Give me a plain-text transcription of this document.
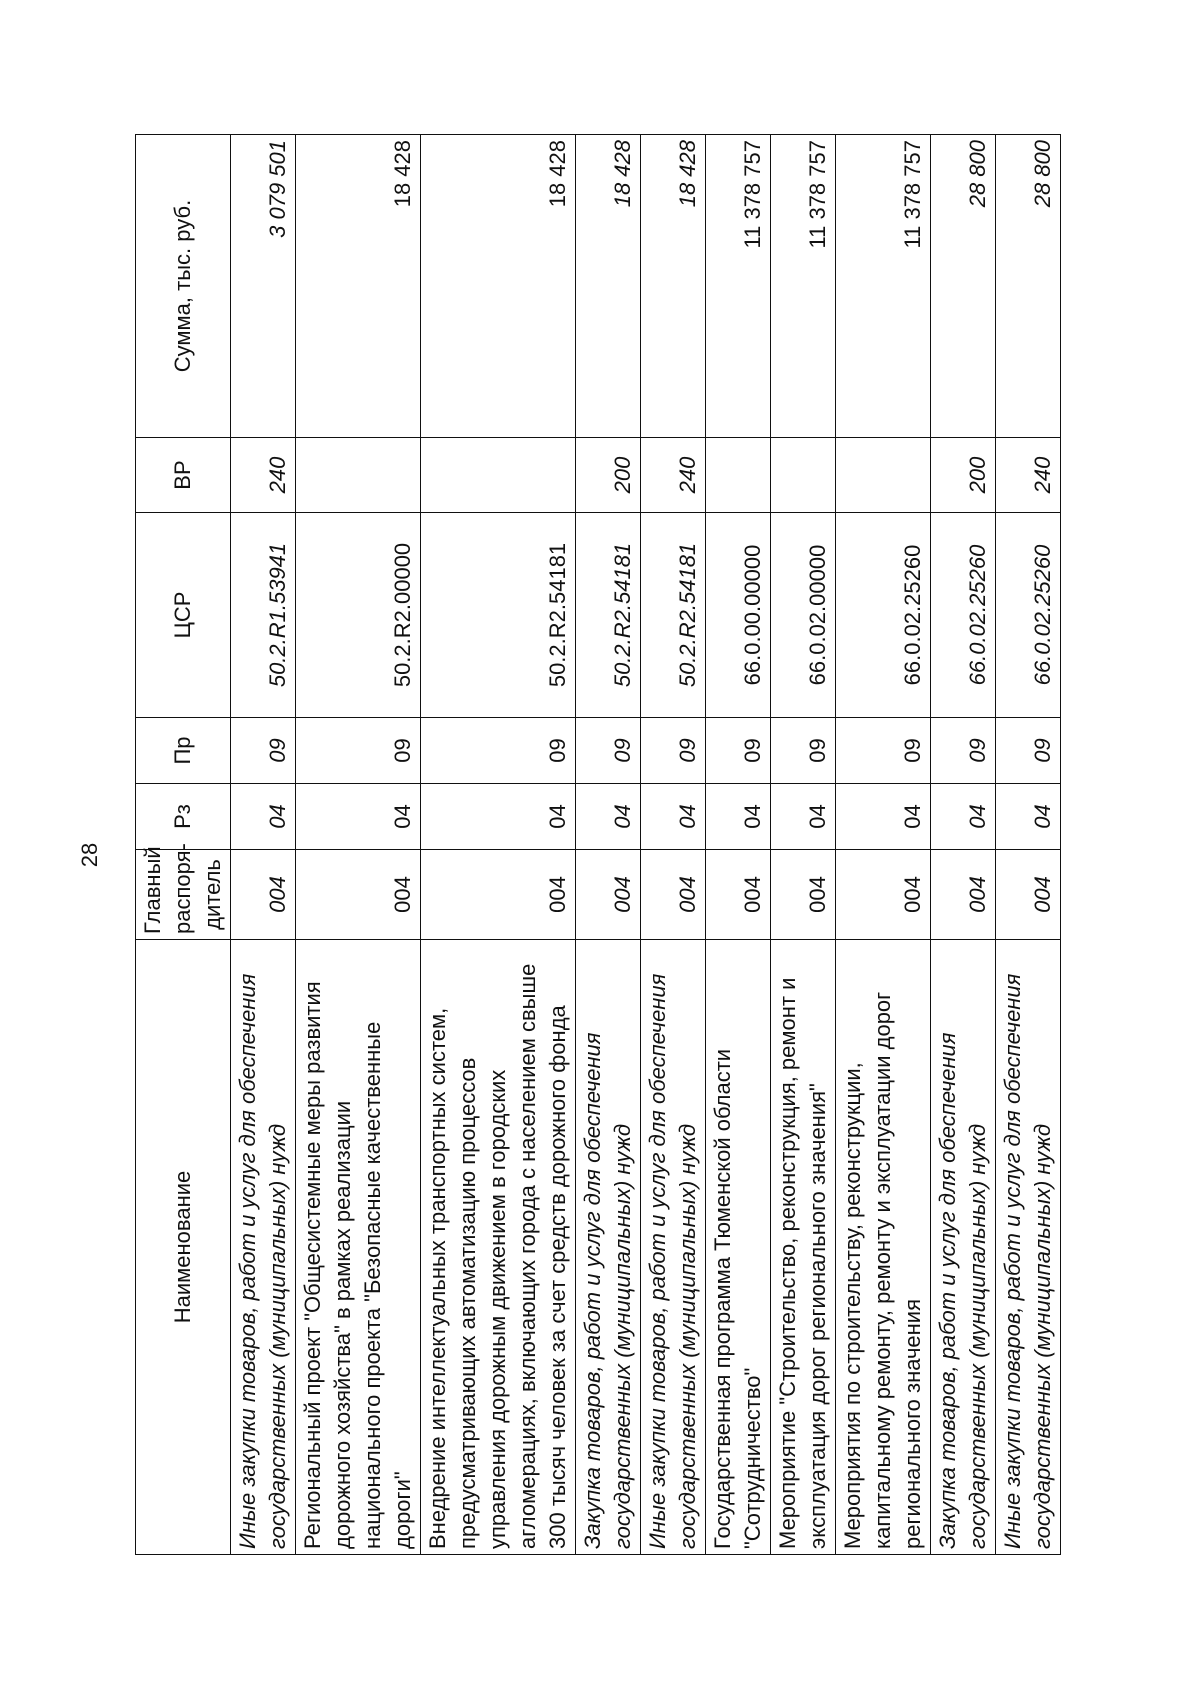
28
Наименование	Главный распоря-дитель	Рз	Пр	ЦСР	ВР	Сумма, тыс. руб.
Иные закупки товаров, работ и услуг для обеспечения государственных (муниципальных) нужд	004	04	09	50.2.R1.53941	240	3 079 501
Региональный проект "Общесистемные меры развития дорожного хозяйства" в рамках реализации национального проекта "Безопасные качественные дороги"	004	04	09	50.2.R2.00000		18 428
Внедрение интеллектуальных транспортных систем, предусматривающих автоматизацию процессов управления дорожным движением в городских агломерациях, включающих города с населением свыше 300 тысяч человек за счет средств дорожного фонда	004	04	09	50.2.R2.54181		18 428
Закупка товаров, работ и услуг для обеспечения государственных (муниципальных) нужд	004	04	09	50.2.R2.54181	200	18 428
Иные закупки товаров, работ и услуг для обеспечения государственных (муниципальных) нужд	004	04	09	50.2.R2.54181	240	18 428
Государственная программа Тюменской области "Сотрудничество"	004	04	09	66.0.00.00000		11 378 757
Мероприятие "Строительство, реконструкция, ремонт и эксплуатация дорог регионального значения"	004	04	09	66.0.02.00000		11 378 757
Мероприятия по строительству, реконструкции, капитальному ремонту, ремонту и эксплуатации дорог регионального значения	004	04	09	66.0.02.25260		11 378 757
Закупка товаров, работ и услуг для обеспечения государственных (муниципальных) нужд	004	04	09	66.0.02.25260	200	28 800
Иные закупки товаров, работ и услуг для обеспечения государственных (муниципальных) нужд	004	04	09	66.0.02.25260	240	28 800
